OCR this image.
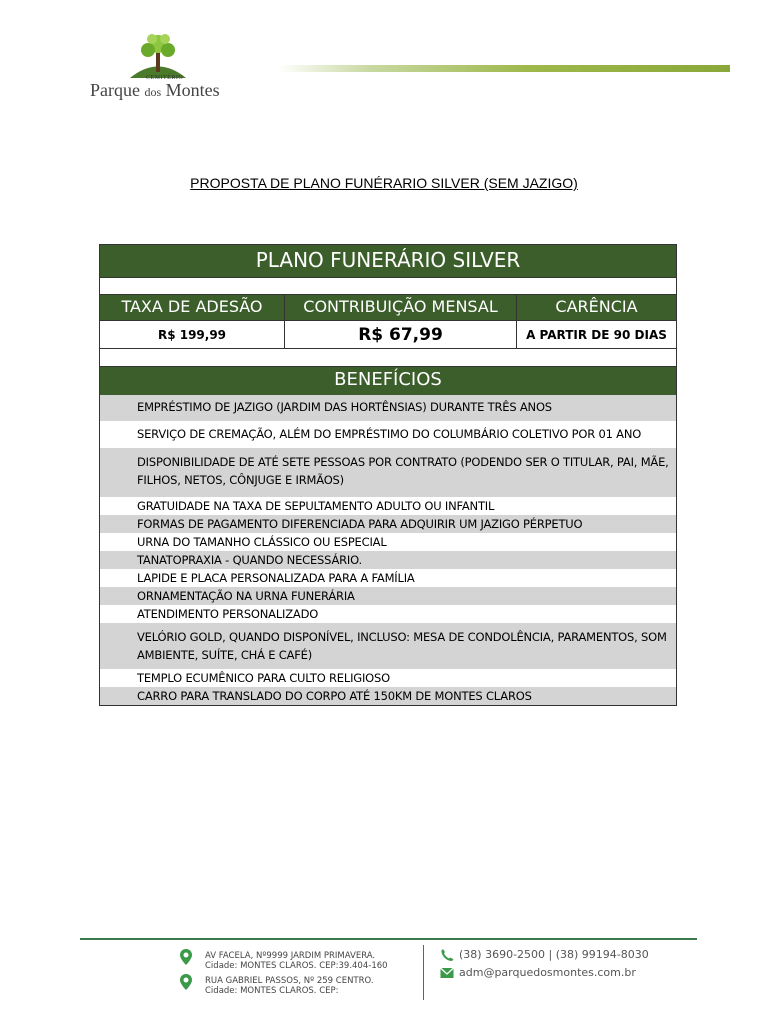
CEMITÉRIO
Parque dos Montes
PROPOSTA DE PLANO FUNÉRARIO SILVER (SEM JAZIGO)
PLANO FUNERÁRIO SILVER
TAXA DE ADESÃO	CONTRIBUIÇÃO MENSAL	CARÊNCIA
R$ 199,99	R$ 67,99	A PARTIR DE 90 DIAS
BENEFÍCIOS
EMPRÉSTIMO DE JAZIGO (JARDIM DAS HORTÊNSIAS) DURANTE TRÊS ANOS
SERVIÇO DE CREMAÇÃO, ALÉM DO EMPRÉSTIMO DO COLUMBÁRIO COLETIVO POR 01 ANO
DISPONIBILIDADE DE ATÉ SETE PESSOAS POR CONTRATO (PODENDO SER O TITULAR, PAI, MÃE, FILHOS, NETOS, CÔNJUGE E IRMÃOS)
GRATUIDADE NA TAXA DE SEPULTAMENTO ADULTO OU INFANTIL
FORMAS DE PAGAMENTO DIFERENCIADA PARA ADQUIRIR UM JAZIGO PÉRPETUO
URNA DO TAMANHO CLÁSSICO OU ESPECIAL
TANATOPRAXIA - QUANDO NECESSÁRIO.
LAPIDE E PLACA PERSONALIZADA PARA A FAMÍLIA
ORNAMENTAÇÃO NA URNA FUNERÁRIA
ATENDIMENTO PERSONALIZADO
VELÓRIO GOLD, QUANDO DISPONÍVEL, INCLUSO: MESA DE CONDOLÊNCIA, PARAMENTOS, SOM AMBIENTE, SUÍTE, CHÁ E CAFÉ)
TEMPLO ECUMÊNICO PARA CULTO RELIGIOSO
CARRO PARA TRANSLADO DO CORPO ATÉ 150KM DE MONTES CLAROS
AV FACELA, Nº9999 JARDIM PRIMAVERA.
Cidade: MONTES CLAROS. CEP:39.404-160
RUA GABRIEL PASSOS, Nº 259 CENTRO.
Cidade: MONTES CLAROS. CEP:
(38) 3690-2500 | (38) 99194-8030
adm@parquedosmontes.com.br
